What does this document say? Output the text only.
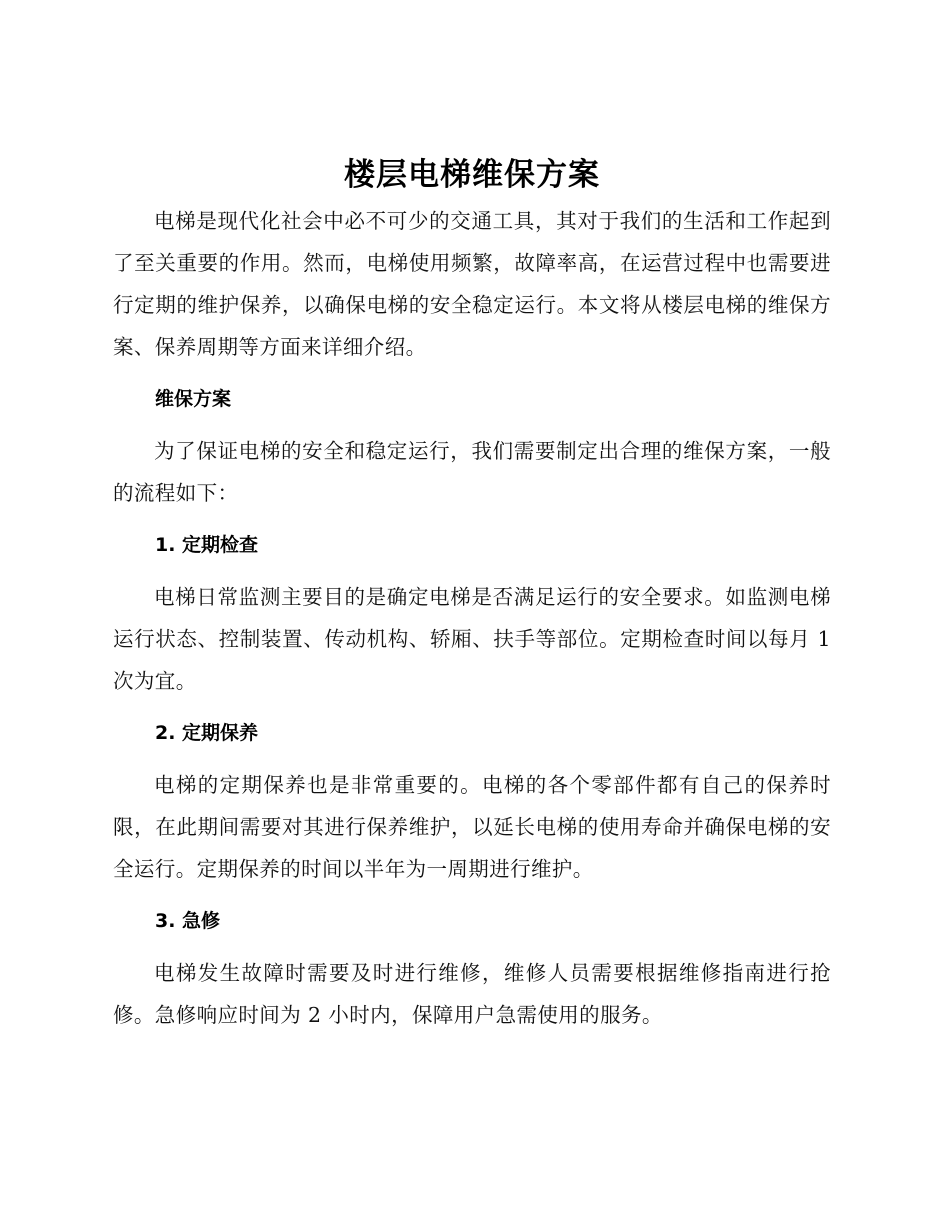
楼层电梯维保方案

电梯是现代化社会中必不可少的交通工具，其对于我们的生活和工作起到了至关重要的作用。然而，电梯使用频繁，故障率高，在运营过程中也需要进行定期的维护保养，以确保电梯的安全稳定运行。本文将从楼层电梯的维保方案、保养周期等方面来详细介绍。

维保方案

为了保证电梯的安全和稳定运行，我们需要制定出合理的维保方案，一般的流程如下：

1. 定期检查

电梯日常监测主要目的是确定电梯是否满足运行的安全要求。如监测电梯运行状态、控制装置、传动机构、轿厢、扶手等部位。定期检查时间以每月 1 次为宜。

2. 定期保养

电梯的定期保养也是非常重要的。电梯的各个零部件都有自己的保养时限，在此期间需要对其进行保养维护，以延长电梯的使用寿命并确保电梯的安全运行。定期保养的时间以半年为一周期进行维护。

3. 急修

电梯发生故障时需要及时进行维修，维修人员需要根据维修指南进行抢修。急修响应时间为 2 小时内，保障用户急需使用的服务。
